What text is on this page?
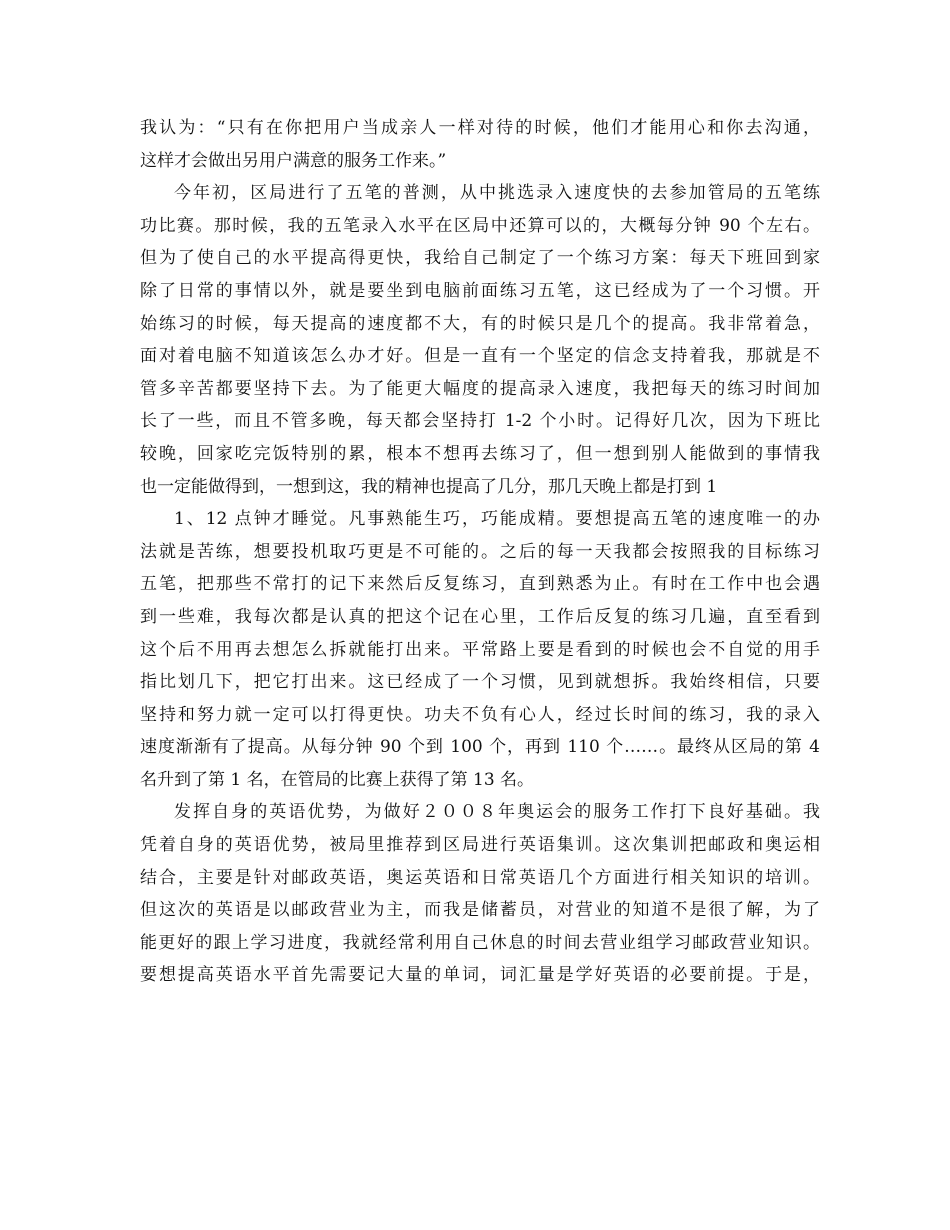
我认为：“只有在你把用户当成亲人一样对待的时候，他们才能用心和你去沟通，
这样才会做出另用户满意的服务工作来。”
今年初，区局进行了五笔的普测，从中挑选录入速度快的去参加管局的五笔练
功比赛。那时候，我的五笔录入水平在区局中还算可以的，大概每分钟 90 个左右。
但为了使自己的水平提高得更快，我给自己制定了一个练习方案：每天下班回到家
除了日常的事情以外，就是要坐到电脑前面练习五笔，这已经成为了一个习惯。开
始练习的时候，每天提高的速度都不大，有的时候只是几个的提高。我非常着急，
面对着电脑不知道该怎么办才好。但是一直有一个坚定的信念支持着我，那就是不
管多辛苦都要坚持下去。为了能更大幅度的提高录入速度，我把每天的练习时间加
长了一些，而且不管多晚，每天都会坚持打 1-2 个小时。记得好几次，因为下班比
较晚，回家吃完饭特别的累，根本不想再去练习了，但一想到别人能做到的事情我
也一定能做得到，一想到这，我的精神也提高了几分，那几天晚上都是打到 1
1、12 点钟才睡觉。凡事熟能生巧，巧能成精。要想提高五笔的速度唯一的办
法就是苦练，想要投机取巧更是不可能的。之后的每一天我都会按照我的目标练习
五笔，把那些不常打的记下来然后反复练习，直到熟悉为止。有时在工作中也会遇
到一些难，我每次都是认真的把这个记在心里，工作后反复的练习几遍，直至看到
这个后不用再去想怎么拆就能打出来。平常路上要是看到的时候也会不自觉的用手
指比划几下，把它打出来。这已经成了一个习惯，见到就想拆。我始终相信，只要
坚持和努力就一定可以打得更快。功夫不负有心人，经过长时间的练习，我的录入
速度渐渐有了提高。从每分钟 90 个到 100 个，再到 110 个……。最终从区局的第 4
名升到了第 1 名，在管局的比赛上获得了第 13 名。
发挥自身的英语优势，为做好２００８年奥运会的服务工作打下良好基础。我
凭着自身的英语优势，被局里推荐到区局进行英语集训。这次集训把邮政和奥运相
结合，主要是针对邮政英语，奥运英语和日常英语几个方面进行相关知识的培训。
但这次的英语是以邮政营业为主，而我是储蓄员，对营业的知道不是很了解，为了
能更好的跟上学习进度，我就经常利用自己休息的时间去营业组学习邮政营业知识。
要想提高英语水平首先需要记大量的单词，词汇量是学好英语的必要前提。于是，
